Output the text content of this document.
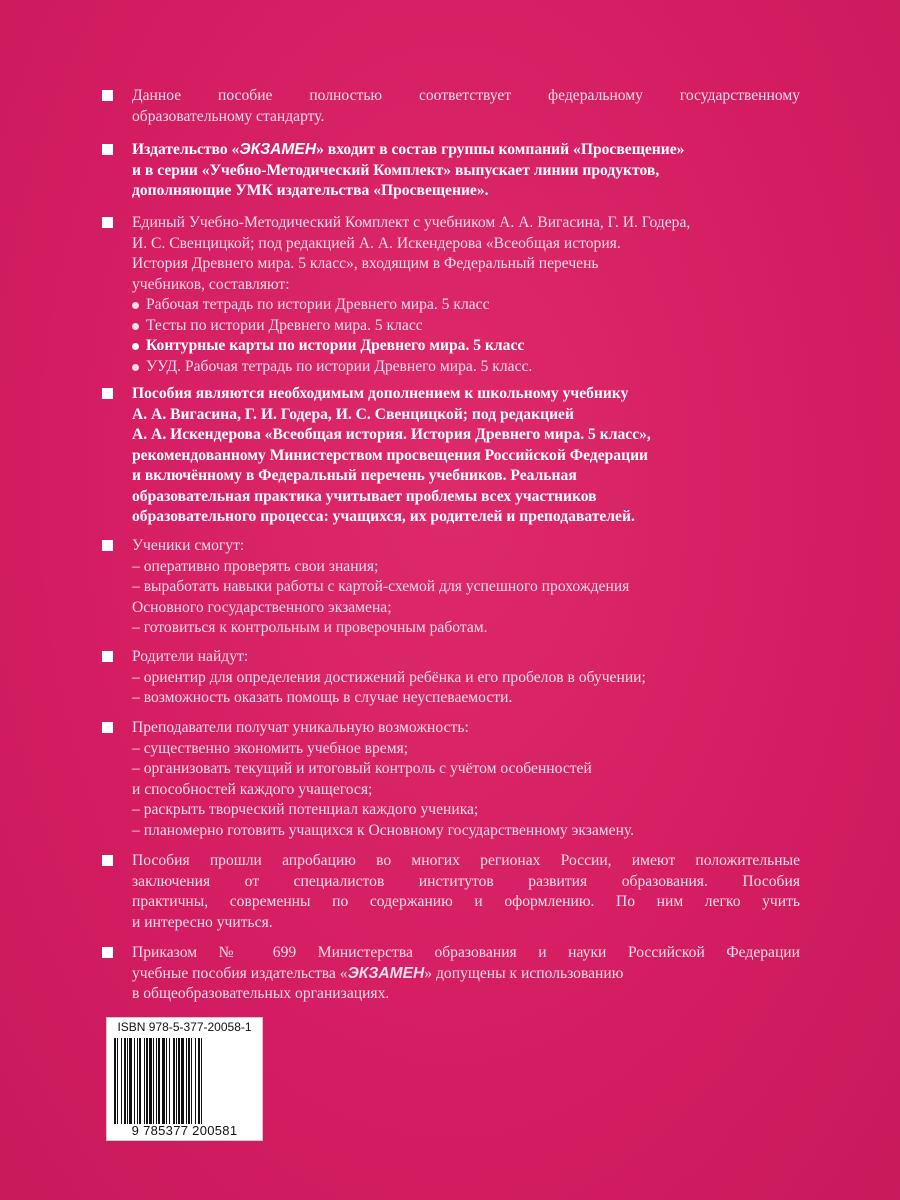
Данное пособие полностью соответствует федеральному государственному

образовательному стандарту.

Издательство «ЭКЗАМЕН» входит в состав группы компаний «Просвещение»

и в серии «Учебно-Методический Комплект» выпускает линии продуктов,

дополняющие УМК издательства «Просвещение».

Единый Учебно-Методический Комплект с учебником А. А. Вигасина, Г. И. Годера,

И. С. Свенцицкой; под редакцией А. А. Искендерова «Всеобщая история.

История Древнего мира. 5 класс», входящим в Федеральный перечень

учебников, составляют:

Рабочая тетрадь по истории Древнего мира. 5 класс

Тесты по истории Древнего мира. 5 класс

Контурные карты по истории Древнего мира. 5 класс

УУД. Рабочая тетрадь по истории Древнего мира. 5 класс.

Пособия являются необходимым дополнением к школьному учебнику

А. А. Вигасина, Г. И. Годера, И. С. Свенцицкой; под редакцией

А. А. Искендерова «Всеобщая история. История Древнего мира. 5 класс»,

рекомендованному Министерством просвещения Российской Федерации

и включённому в Федеральный перечень учебников. Реальная

образовательная практика учитывает проблемы всех участников

образовательного процесса: учащихся, их родителей и преподавателей.

Ученики смогут:

– оперативно проверять свои знания;

– выработать навыки работы с картой-схемой для успешного прохождения

Основного государственного экзамена;

– готовиться к контрольным и проверочным работам.

Родители найдут:

– ориентир для определения достижений ребёнка и его пробелов в обучении;

– возможность оказать помощь в случае неуспеваемости.

Преподаватели получат уникальную возможность:

– существенно экономить учебное время;

– организовать текущий и итоговый контроль с учётом особенностей

и способностей каждого учащегося;

– раскрыть творческий потенциал каждого ученика;

– планомерно готовить учащихся к Основному государственному экзамену.

Пособия прошли апробацию во многих регионах России, имеют положительные

заключения от специалистов институтов развития образования. Пособия

практичны, современны по содержанию и оформлению. По ним легко учить

и интересно учиться.

Приказом № 699 Министерства образования и науки Российской Федерации

учебные пособия издательства «ЭКЗАМЕН» допущены к использованию

в общеобразовательных организациях.

ISBN 978-5-377-20058-1
9 785377 200581
